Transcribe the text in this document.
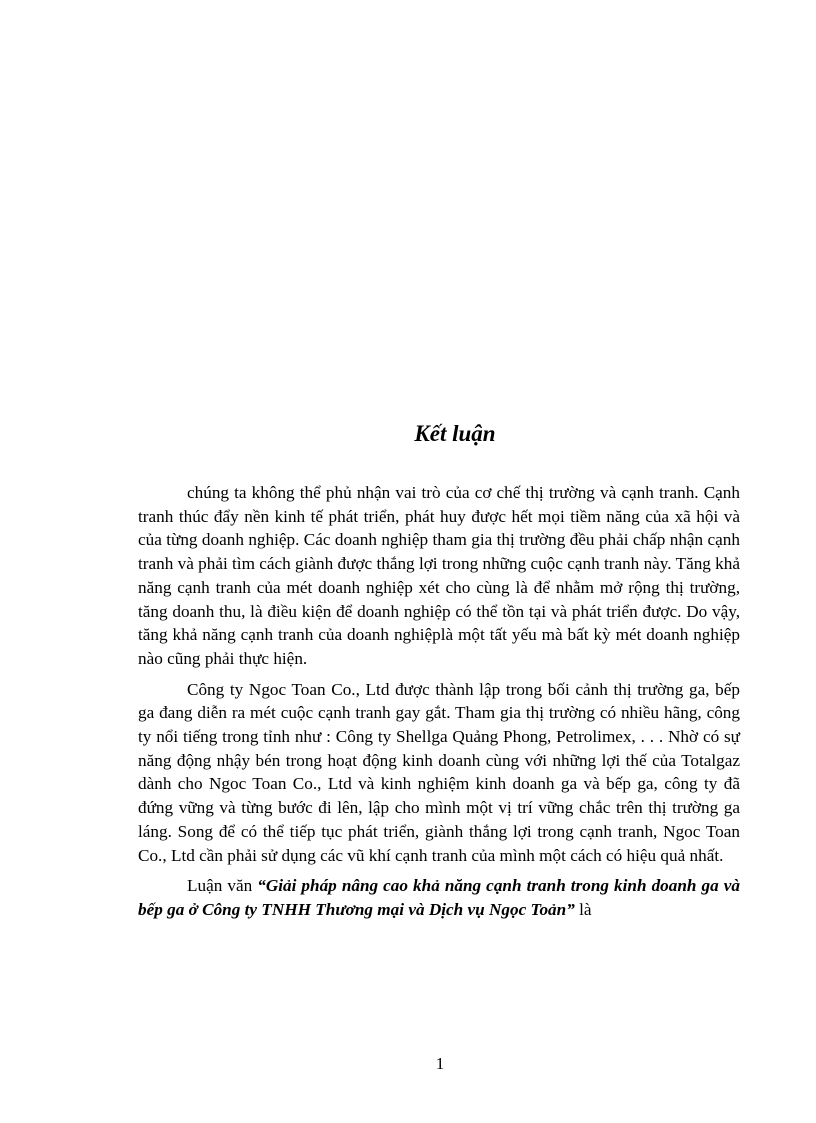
Kết luận

chúng ta không thể phủ nhận vai trò của cơ chế thị trường và cạnh tranh. Cạnh tranh thúc đẩy nền kinh tế phát triển, phát huy được hết mọi tiềm năng của xã hội và của từng doanh nghiệp. Các doanh nghiệp tham gia thị trường đều phải chấp nhận cạnh tranh và phải tìm cách giành được thắng lợi trong những cuộc cạnh tranh này. Tăng khả năng cạnh tranh của mét doanh nghiệp xét cho cùng là để nhằm mở rộng thị trường, tăng doanh thu, là điều kiện để doanh nghiệp có thể tồn tại và phát triển được. Do vậy, tăng khả năng cạnh tranh của doanh nghiệplà một tất yếu mà bất kỳ mét doanh nghiệp nào cũng phải thực hiện.

Công ty Ngoc Toan Co., Ltd được thành lập trong bối cảnh thị trường ga, bếp ga đang diễn ra mét cuộc cạnh tranh gay gắt. Tham gia thị trường có nhiều hãng, công ty nổi tiếng trong tỉnh như : Công ty Shellga Quảng Phong, Petrolimex, . . . Nhờ có sự năng động nhậy bén trong hoạt động kinh doanh cùng với những lợi thế của Totalgaz dành cho Ngoc Toan Co., Ltd và kinh nghiệm kinh doanh ga và bếp ga, công ty đã đứng vững và từng bước đi lên, lập cho mình một vị trí vững chắc trên thị trường ga láng. Song để có thể tiếp tục phát triển, giành thắng lợi trong cạnh tranh, Ngoc Toan Co., Ltd cần phải sử dụng các vũ khí cạnh tranh của mình một cách có hiệu quả nhất.

Luận văn “Giải pháp nâng cao khả năng cạnh tranh trong kinh doanh ga và bếp ga ở Công ty TNHH Thương mại và Dịch vụ Ngọc Toản” là

1
